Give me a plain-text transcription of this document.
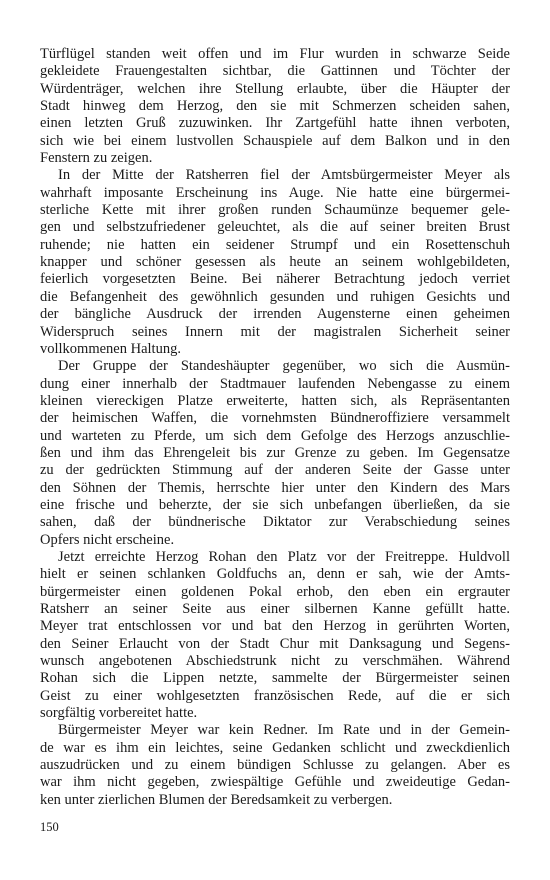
Türflügel standen weit offen und im Flur wurden in schwarze Seide
gekleidete Frauengestalten sichtbar, die Gattinnen und Töchter der
Würdenträger, welchen ihre Stellung erlaubte, über die Häupter der
Stadt hinweg dem Herzog, den sie mit Schmerzen scheiden sahen,
einen letzten Gruß zuzuwinken. Ihr Zartgefühl hatte ihnen verboten,
sich wie bei einem lustvollen Schauspiele auf dem Balkon und in den
Fenstern zu zeigen.
In der Mitte der Ratsherren fiel der Amtsbürgermeister Meyer als
wahrhaft imposante Erscheinung ins Auge. Nie hatte eine bürgermei-
sterliche Kette mit ihrer großen runden Schaumünze bequemer gele-
gen und selbstzufriedener geleuchtet, als die auf seiner breiten Brust
ruhende; nie hatten ein seidener Strumpf und ein Rosettenschuh
knapper und schöner gesessen als heute an seinem wohlgebildeten,
feierlich vorgesetzten Beine. Bei näherer Betrachtung jedoch verriet
die Befangenheit des gewöhnlich gesunden und ruhigen Gesichts und
der bängliche Ausdruck der irrenden Augensterne einen geheimen
Widerspruch seines Innern mit der magistralen Sicherheit seiner
vollkommenen Haltung.
Der Gruppe der Standeshäupter gegenüber, wo sich die Ausmün-
dung einer innerhalb der Stadtmauer laufenden Nebengasse zu einem
kleinen viereckigen Platze erweiterte, hatten sich, als Repräsentanten
der heimischen Waffen, die vornehmsten Bündneroffiziere versammelt
und warteten zu Pferde, um sich dem Gefolge des Herzogs anzuschlie-
ßen und ihm das Ehrengeleit bis zur Grenze zu geben. Im Gegensatze
zu der gedrückten Stimmung auf der anderen Seite der Gasse unter
den Söhnen der Themis, herrschte hier unter den Kindern des Mars
eine frische und beherzte, der sie sich unbefangen überließen, da sie
sahen, daß der bündnerische Diktator zur Verabschiedung seines
Opfers nicht erscheine.
Jetzt erreichte Herzog Rohan den Platz vor der Freitreppe. Huldvoll
hielt er seinen schlanken Goldfuchs an, denn er sah, wie der Amts-
bürgermeister einen goldenen Pokal erhob, den eben ein ergrauter
Ratsherr an seiner Seite aus einer silbernen Kanne gefüllt hatte.
Meyer trat entschlossen vor und bat den Herzog in gerührten Worten,
den Seiner Erlaucht von der Stadt Chur mit Danksagung und Segens-
wunsch angebotenen Abschiedstrunk nicht zu verschmähen. Während
Rohan sich die Lippen netzte, sammelte der Bürgermeister seinen
Geist zu einer wohlgesetzten französischen Rede, auf die er sich
sorgfältig vorbereitet hatte.
Bürgermeister Meyer war kein Redner. Im Rate und in der Gemein-
de war es ihm ein leichtes, seine Gedanken schlicht und zweckdienlich
auszudrücken und zu einem bündigen Schlusse zu gelangen. Aber es
war ihm nicht gegeben, zwiespältige Gefühle und zweideutige Gedan-
ken unter zierlichen Blumen der Beredsamkeit zu verbergen.
150
